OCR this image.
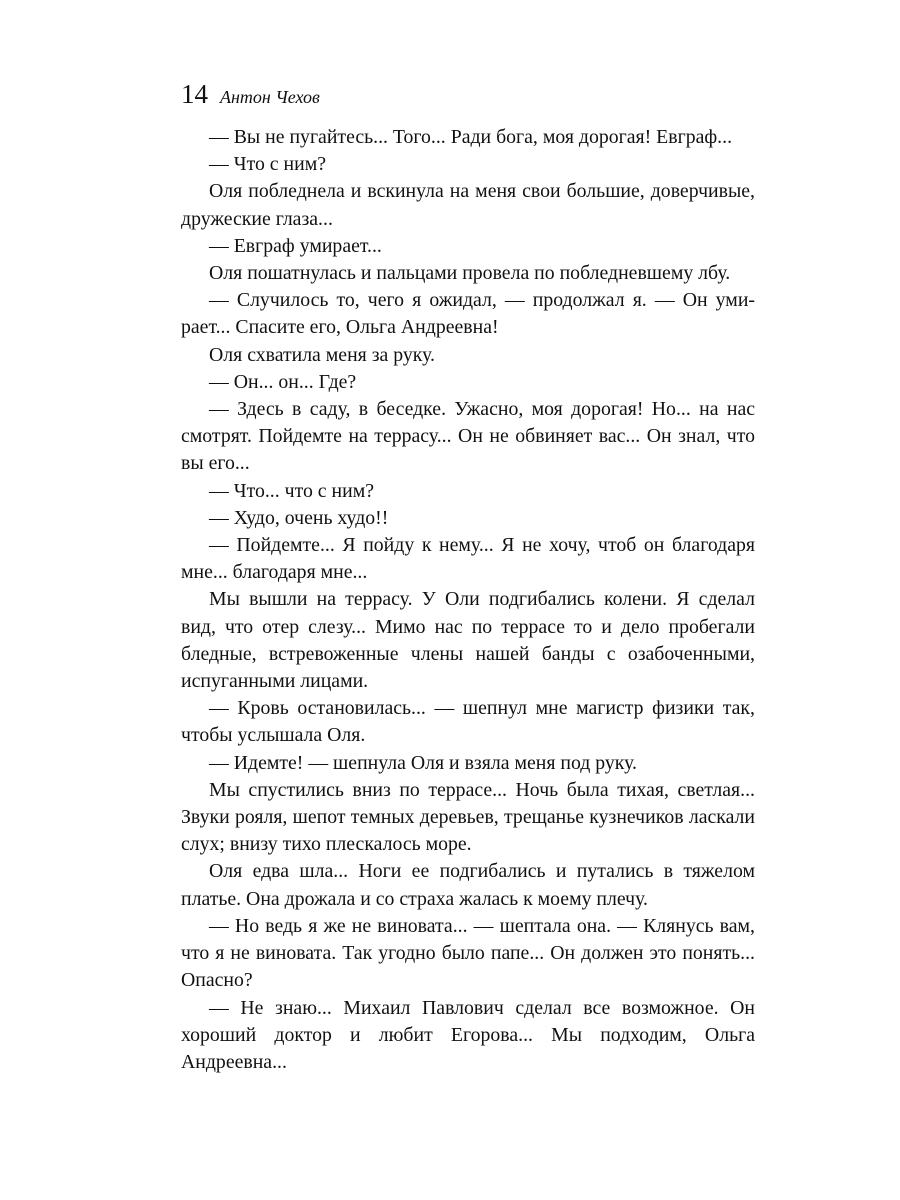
14 Антон Чехов

— Вы не пугайтесь... Того... Ради бога, моя дорогая! Евграф...

— Что с ним?

Оля побледнела и вскинула на меня свои большие, доверчивые, дружеские глаза...

— Евграф умирает...

Оля пошатнулась и пальцами провела по побледневшему лбу.

— Случилось то, чего я ожидал, — продолжал я. — Он умирает... Спасите его, Ольга Андреевна!

Оля схватила меня за руку.

— Он... он... Где?

— Здесь в саду, в беседке. Ужасно, моя дорогая! Но... на нас смотрят. Пойдемте на террасу... Он не обвиняет вас... Он знал, что вы его...

— Что... что с ним?

— Худо, очень худо!!

— Пойдемте... Я пойду к нему... Я не хочу, чтоб он благодаря мне... благодаря мне...

Мы вышли на террасу. У Оли подгибались колени. Я сделал вид, что отер слезу... Мимо нас по террасе то и дело пробегали бледные, встревоженные члены нашей банды с озабоченными, испуганными лицами.

— Кровь остановилась... — шепнул мне магистр физики так, чтобы услышала Оля.

— Идемте! — шепнула Оля и взяла меня под руку.

Мы спустились вниз по террасе... Ночь была тихая, светлая... Звуки рояля, шепот темных деревьев, трещанье кузнечиков ласкали слух; внизу тихо плескалось море.

Оля едва шла... Ноги ее подгибались и путались в тяжелом платье. Она дрожала и со страха жалась к моему плечу.

— Но ведь я же не виновата... — шептала она. — Клянусь вам, что я не виновата. Так угодно было папе... Он должен это понять... Опасно?

— Не знаю... Михаил Павлович сделал все возможное. Он хороший доктор и любит Егорова... Мы подходим, Ольга Андреевна...
